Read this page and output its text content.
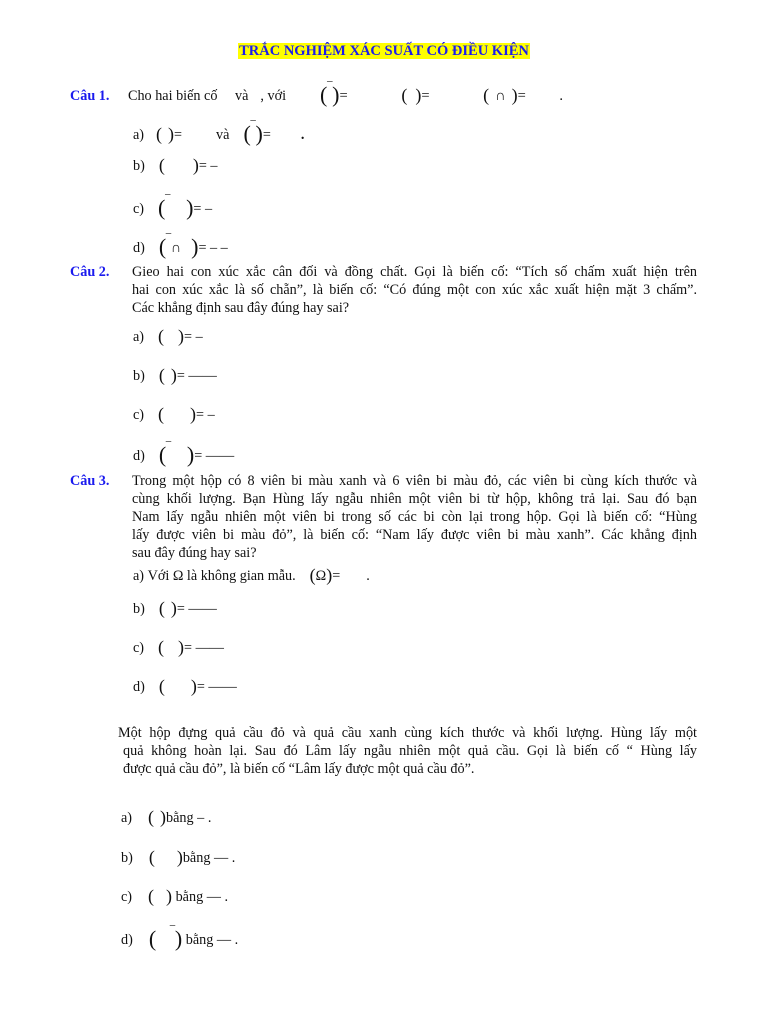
TRẮC NGHIỆM XÁC SUẤT CÓ ĐIỀU KIỆN
Câu 1. Cho hai biến cố và , với (‾)=	( )=	( ∩ )= .
a) ( )= và (‾)= .
b) ( )= –
c) (‾ )= –
d) (‾∩ )= – –
Câu 2. Gieo hai con xúc xắc cân đối và đồng chất. Gọi là biến cố: “Tích số chấm xuất hiện trên
hai con xúc xắc là số chẵn”, là biến cố: “Có đúng một con xúc xắc xuất hiện mặt 3 chấm”.
Các khẳng định sau đây đúng hay sai?
a) ( )= –
b) ( )= ——
c) ( )= –
d) (‾ )= ——
Câu 3. Trong một hộp có 8 viên bi màu xanh và 6 viên bi màu đỏ, các viên bi cùng kích thước và
cùng khối lượng. Bạn Hùng lấy ngẫu nhiên một viên bi từ hộp, không trả lại. Sau đó bạn
Nam lấy ngẫu nhiên một viên bi trong số các bi còn lại trong hộp. Gọi là biến cố: “Hùng
lấy được viên bi màu đỏ”, là biến cố: “Nam lấy được viên bi màu xanh”. Các khẳng định
sau đây đúng hay sai?
a) Với Ω là không gian mẫu. (Ω)= .
b) ( )= ——
c) ( )= ——
d) ( )= ——
Một hộp đựng quả cầu đỏ và quả cầu xanh cùng kích thước và khối lượng. Hùng lấy một
quả không hoàn lại. Sau đó Lâm lấy ngẫu nhiên một quả cầu. Gọi là biến cố “ Hùng lấy
được quả cầu đỏ”, là biến cố “Lâm lấy được một quả cầu đỏ”.
a) ( )bằng – .
b) ( )bằng — .
c) ( ) bằng — .
d) ( ‾) bằng — .
